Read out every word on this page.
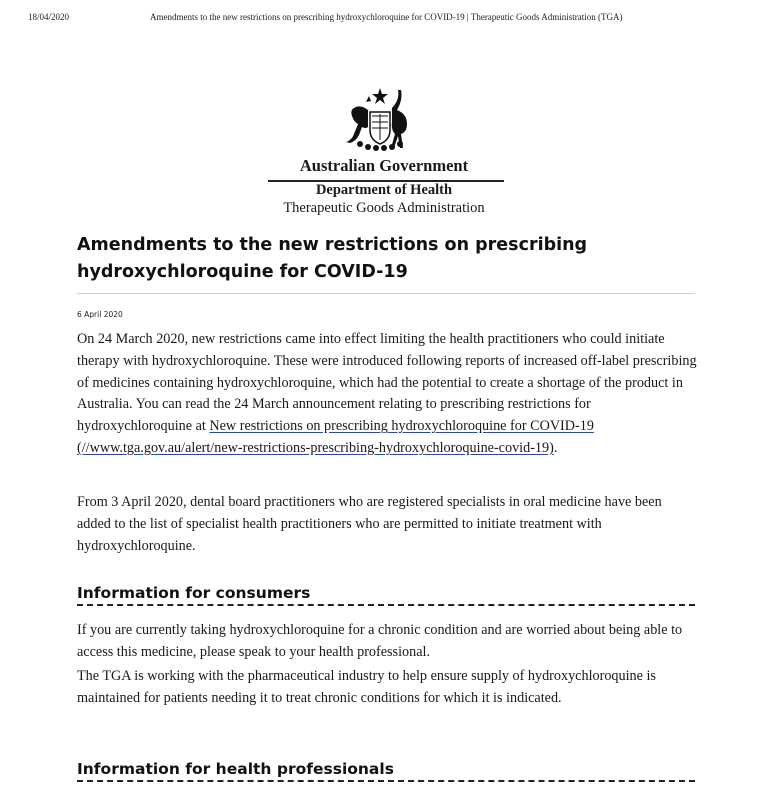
18/04/2020	Amendments to the new restrictions on prescribing hydroxychloroquine for COVID-19 | Therapeutic Goods Administration (TGA)
Australian Government
Department of Health
Therapeutic Goods Administration
Amendments to the new restrictions on prescribing hydroxychloroquine for COVID-19
6 April 2020

On 24 March 2020, new restrictions came into effect limiting the health practitioners who could initiate therapy with hydroxychloroquine. These were introduced following reports of increased off-label prescribing of medicines containing hydroxychloroquine, which had the potential to create a shortage of the product in Australia. You can read the 24 March announcement relating to prescribing restrictions for hydroxychloroquine at New restrictions on prescribing hydroxychloroquine for COVID-19 (//www.tga.gov.au/alert/new-restrictions-prescribing-hydroxychloroquine-covid-19).

From 3 April 2020, dental board practitioners who are registered specialists in oral medicine have been added to the list of specialist health practitioners who are permitted to initiate treatment with hydroxychloroquine.

Information for consumers

If you are currently taking hydroxychloroquine for a chronic condition and are worried about being able to access this medicine, please speak to your health professional.

The TGA is working with the pharmaceutical industry to help ensure supply of hydroxychloroquine is maintained for patients needing it to treat chronic conditions for which it is indicated.

Information for health professionals
